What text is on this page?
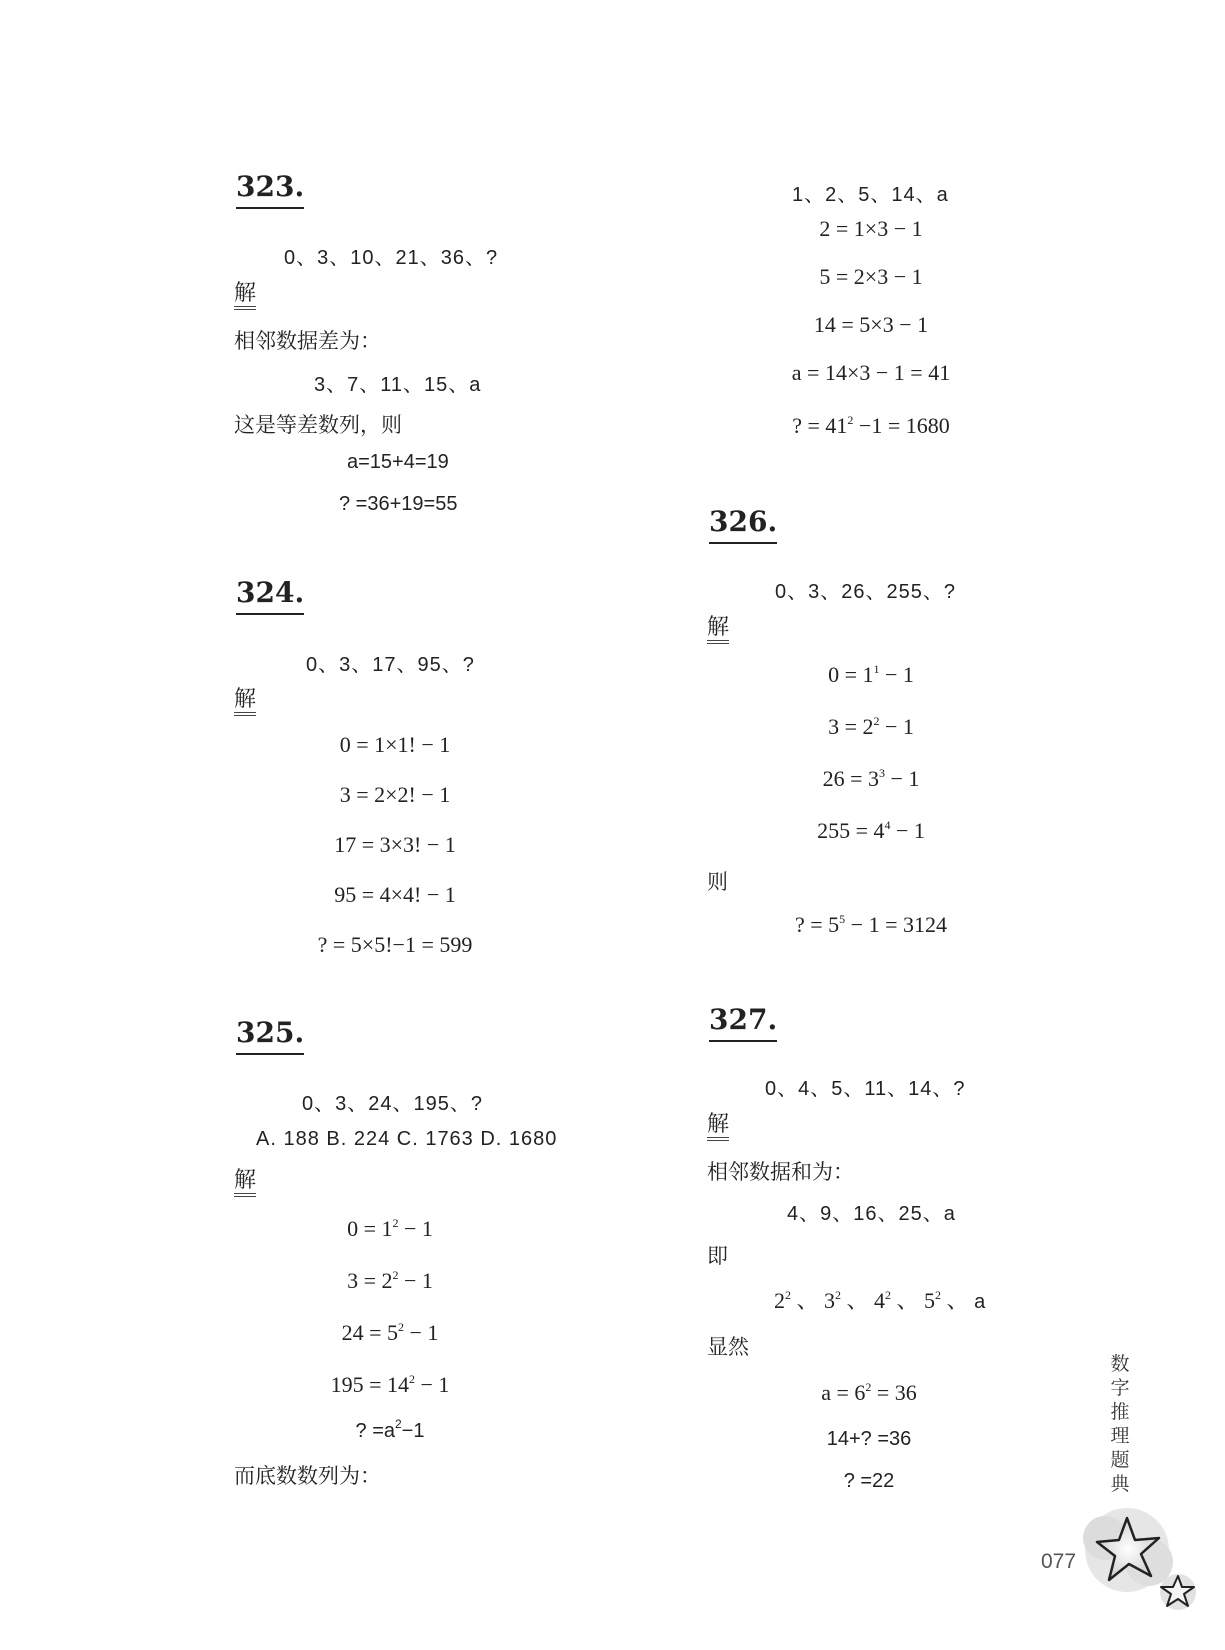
323.
0、3、10、21、36、?
解
相邻数据差为：
3、7、11、15、a
这是等差数列，则
a=15+4=19
? =36+19=55
324.
0、3、17、95、?
解
0 = 1×1! − 1
3 = 2×2! − 1
17 = 3×3! − 1
95 = 4×4! − 1
? = 5×5!−1 = 599
325.
0、3、24、195、?
A. 188 B. 224 C. 1763 D. 1680
解
$0 = 1^2 - 1$
$3 = 2^2 - 1$
$24 = 5^2 - 1$
$195 = 14^2 - 1$
? $=a^2-1$
而底数数列为：
1、2、5、14、a
2 = 1×3 − 1
5 = 2×3 − 1
14 = 5×3 − 1
a = 14×3 − 1 = 41
? = $41^2 -1 = 1680$
326.
0、3、26、255、?
解
$0 = 1^1 - 1$
$3 = 2^2 - 1$
$26 = 3^3 - 1$
$255 = 4^4 - 1$
则
? = $5^5 - 1 = 3124$
327.
0、4、5、11、14、?
解
相邻数据和为：
4、9、16、25、a
即
$2^2$ 、 $3^2$ 、 $4^2$ 、 $5^2$ 、 a
显然
$a = 6^2 = 36$
14+? =36
? =22
数字推理题典
077
